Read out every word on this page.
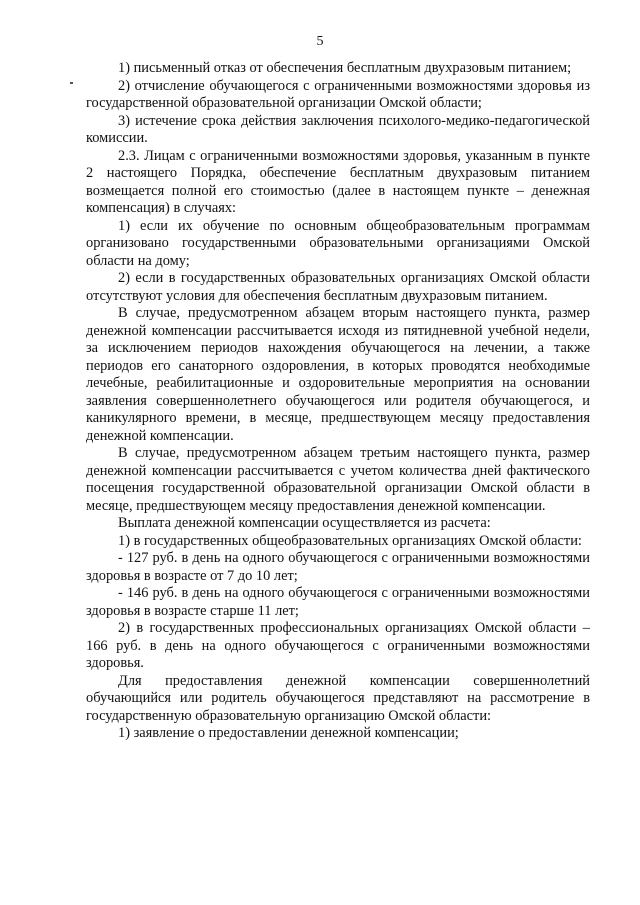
5

1) письменный отказ от обеспечения бесплатным двухразовым питанием;

2) отчисление обучающегося с ограниченными возможностями здоровья из государственной образовательной организации Омской области;

3) истечение срока действия заключения психолого-медико-педагогической комиссии.

2.3. Лицам с ограниченными возможностями здоровья, указанным в пункте 2 настоящего Порядка, обеспечение бесплатным двухразовым питанием возмещается полной его стоимостью (далее в настоящем пункте – денежная компенсация) в случаях:

1) если их обучение по основным общеобразовательным программам организовано государственными образовательными организациями Омской области на дому;

2) если в государственных образовательных организациях Омской области отсутствуют условия для обеспечения бесплатным двухразовым питанием.

В случае, предусмотренном абзацем вторым настоящего пункта, размер денежной компенсации рассчитывается исходя из пятидневной учебной недели, за исключением периодов нахождения обучающегося на лечении, а также периодов его санаторного оздоровления, в которых проводятся необходимые лечебные, реабилитационные и оздоровительные мероприятия на основании заявления совершеннолетнего обучающегося или родителя обучающегося, и каникулярного времени, в месяце, предшествующем месяцу предоставления денежной компенсации.

В случае, предусмотренном абзацем третьим настоящего пункта, размер денежной компенсации рассчитывается с учетом количества дней фактического посещения государственной образовательной организации Омской области в месяце, предшествующем месяцу предоставления денежной компенсации.

Выплата денежной компенсации осуществляется из расчета:

1) в государственных общеобразовательных организациях Омской области:

- 127 руб. в день на одного обучающегося с ограниченными возможностями здоровья в возрасте от 7 до 10 лет;

- 146 руб. в день на одного обучающегося с ограниченными возможностями здоровья в возрасте старше 11 лет;

2) в государственных профессиональных организациях Омской области – 166 руб. в день на одного обучающегося с ограниченными возможностями здоровья.

Для предоставления денежной компенсации совершеннолетний обучающийся или родитель обучающегося представляют на рассмотрение в государственную образовательную организацию Омской области:

1) заявление о предоставлении денежной компенсации;
